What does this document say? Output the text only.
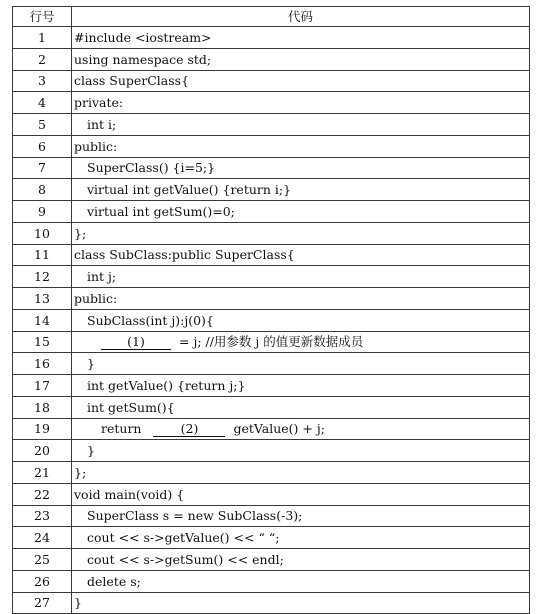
行号	代码
1	#include <iostream>
2	using namespace std;
3	class SuperClass{
4	private:
5	int i;
6	public:
7	SuperClass() {i=5;}
8	virtual int getValue() {return i;}
9	virtual int getSum()=0;
10	};
11	class SubClass:public SuperClass{
12	int j;
13	public:
14	SubClass(int j):j(0){
15	(1) = j; //用参数 j 的值更新数据成员
16	}
17	int getValue() {return j;}
18	int getSum(){
19	return (2) getValue() + j;
20	}
21	};
22	void main(void) {
23	SuperClass s = new SubClass(-3);
24	cout << s->getValue() << “ “;
25	cout << s->getSum() << endl;
26	delete s;
27	}
